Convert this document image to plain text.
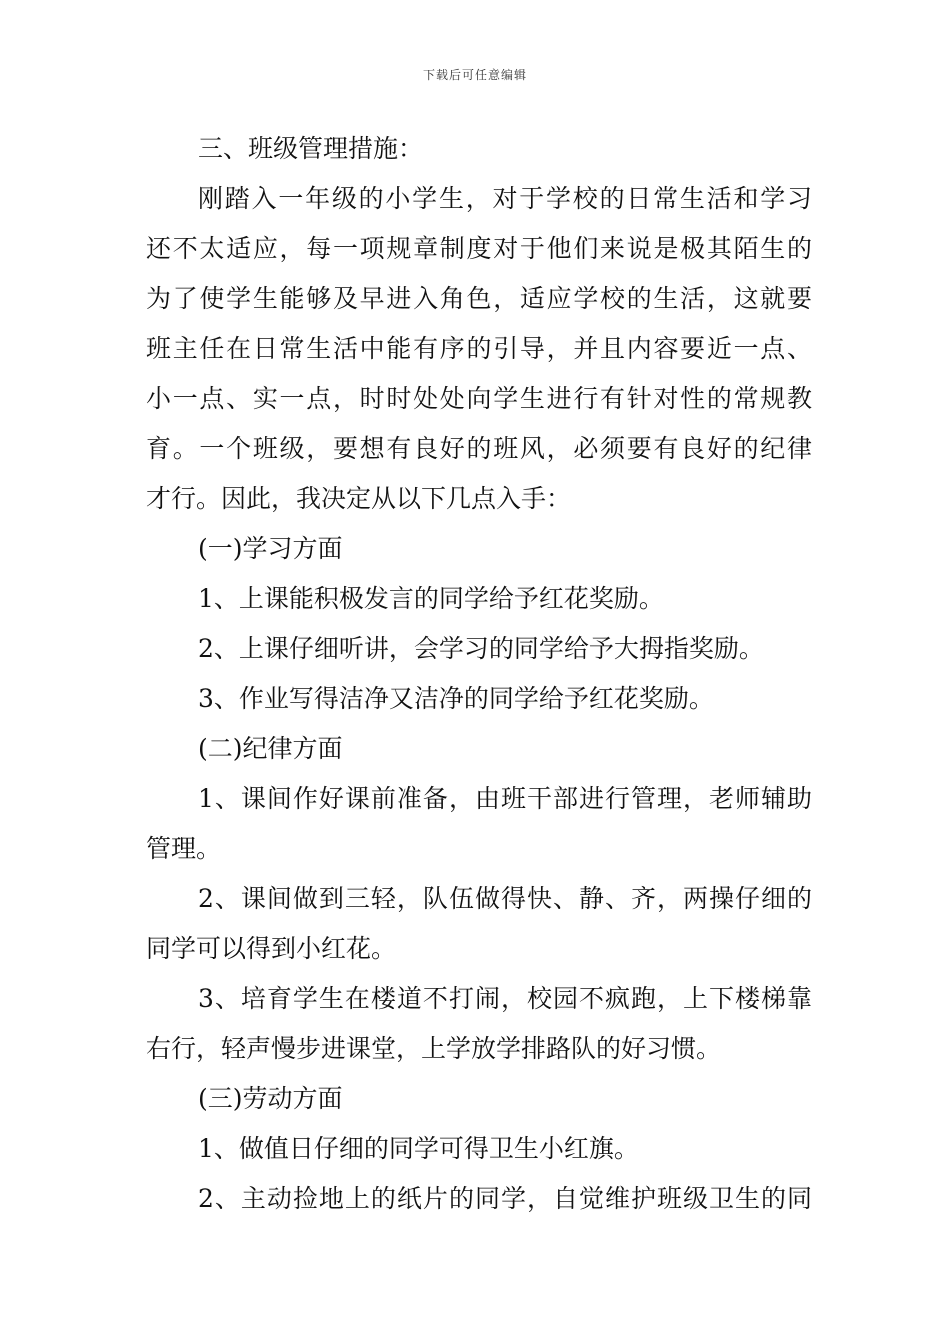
下载后可任意编辑
三、班级管理措施：
刚踏入一年级的小学生，对于学校的日常生活和学习
还不太适应，每一项规章制度对于他们来说是极其陌生的
为了使学生能够及早进入角色，适应学校的生活，这就要
班主任在日常生活中能有序的引导，并且内容要近一点、
小一点、实一点，时时处处向学生进行有针对性的常规教
育。一个班级，要想有良好的班风，必须要有良好的纪律
才行。因此，我决定从以下几点入手：
(一)学习方面
1、上课能积极发言的同学给予红花奖励。
2、上课仔细听讲，会学习的同学给予大拇指奖励。
3、作业写得洁净又洁净的同学给予红花奖励。
(二)纪律方面
1、课间作好课前准备，由班干部进行管理，老师辅助
管理。
2、课间做到三轻，队伍做得快、静、齐，两操仔细的
同学可以得到小红花。
3、培育学生在楼道不打闹，校园不疯跑，上下楼梯靠
右行，轻声慢步进课堂，上学放学排路队的好习惯。
(三)劳动方面
1、做值日仔细的同学可得卫生小红旗。
2、主动捡地上的纸片的同学，自觉维护班级卫生的同
